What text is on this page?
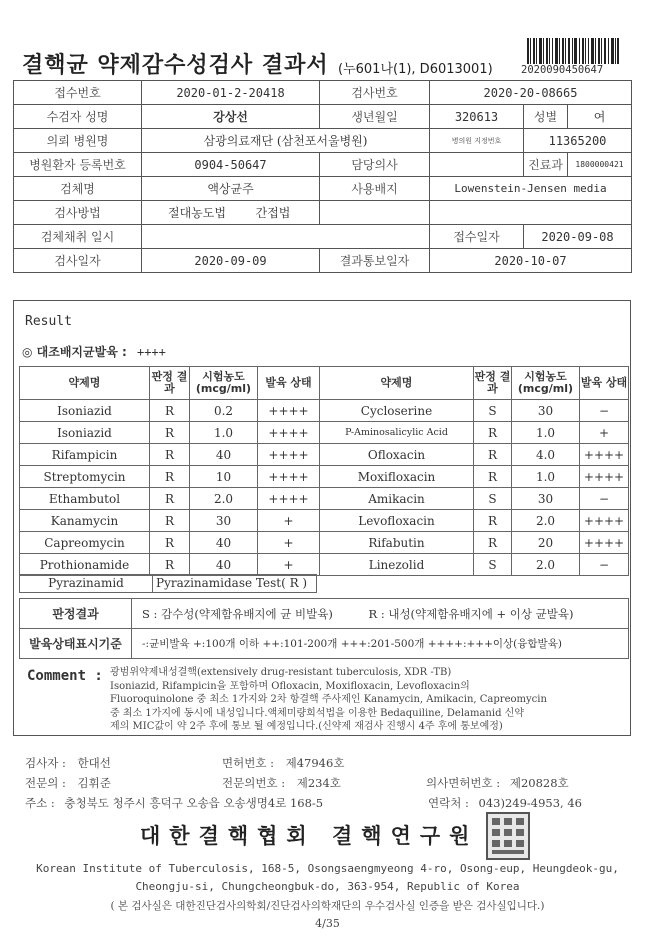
결핵균 약제감수성검사 결과서 (누601나(1), D6013001)	2020090450647
접수번호	2020-01-2-20418	검사번호	2020-20-08665		
수검자 성명	강상선	생년월일	320613	성별	여
의뢰 병원명	삼광의료재단 (삼천포서울병원)		병의원 지정번호	11365200	
병원환자 등록번호	0904-50647	담당의사		진료과	1800000421
검체명	액상균주	사용배지	Lowenstein-Jensen media		
검사방법	절대농도법 간접법				
검체채취 일시			접수일자	2020-09-08	
검사일자	2020-09-09	결과통보일자	2020-10-07		
Result
◎ 대조배지균발육 : ++++
약제명	판정 결과	시험농도 (mcg/ml)	발육 상태	약제명	판정 결과	시험농도 (mcg/ml)	발육 상태
Isoniazid	R	0.2	++++	Cycloserine	S	30	−
Isoniazid	R	1.0	++++	P-Aminosalicylic Acid	R	1.0	+
Rifampicin	R	40	++++	Ofloxacin	R	4.0	++++
Streptomycin	R	10	++++	Moxifloxacin	R	1.0	++++
Ethambutol	R	2.0	++++	Amikacin	S	30	−
Kanamycin	R	30	+	Levofloxacin	R	2.0	++++
Capreomycin	R	40	+	Rifabutin	R	20	++++
Prothionamide	R	40	+	Linezolid	S	2.0	−
Pyrazinamid	Pyrazinamidase Test( R )
판정결과	S : 감수성(약제함유배지에 균 비발육)	R : 내성(약제함유배지에 + 이상 균발육)
발육상태표시기준	-:균비발육 +:100개 이하 ++:101-200개 +++:201-500개 ++++:+++이상(융합발육)	
Comment : 광범위약제내성결핵(extensively drug-resistant tuberculosis, XDR -TB)
Isoniazid, Rifampicin을 포함하며 Ofloxacin, Moxifloxacin, Levofloxacin의
Fluoroquinolone 중 최소 1가지와 2차 항결핵 주사제인 Kanamycin, Amikacin, Capreomycin
중 최소 1가지에 동시에 내성입니다.액체미량희석법을 이용한 Bedaquiline, Delamanid 신약
제의 MIC값이 약 2주 후에 통보 될 예정입니다.(신약제 재검사 진행시 4주 후에 통보예정)
검사자 : 한대선	면허번호 : 제47946호
전문의 : 김휘준	전문의번호 : 제234호	의사면허번호 : 제20828호
주소 : 충청북도 청주시 흥덕구 오송읍 오송생명4로 168-5	연락처 : 043)249-4953, 46
대한결핵협회 결핵연구원
Korean Institute of Tuberculosis, 168-5, Osongsaengmyeong 4-ro, Osong-eup, Heungdeok-gu,
Cheongju-si, Chungcheongbuk-do, 363-954, Republic of Korea
( 본 검사실은 대한진단검사의학회/진단검사의학재단의 우수검사실 인증을 받은 검사실입니다.)
4/35
